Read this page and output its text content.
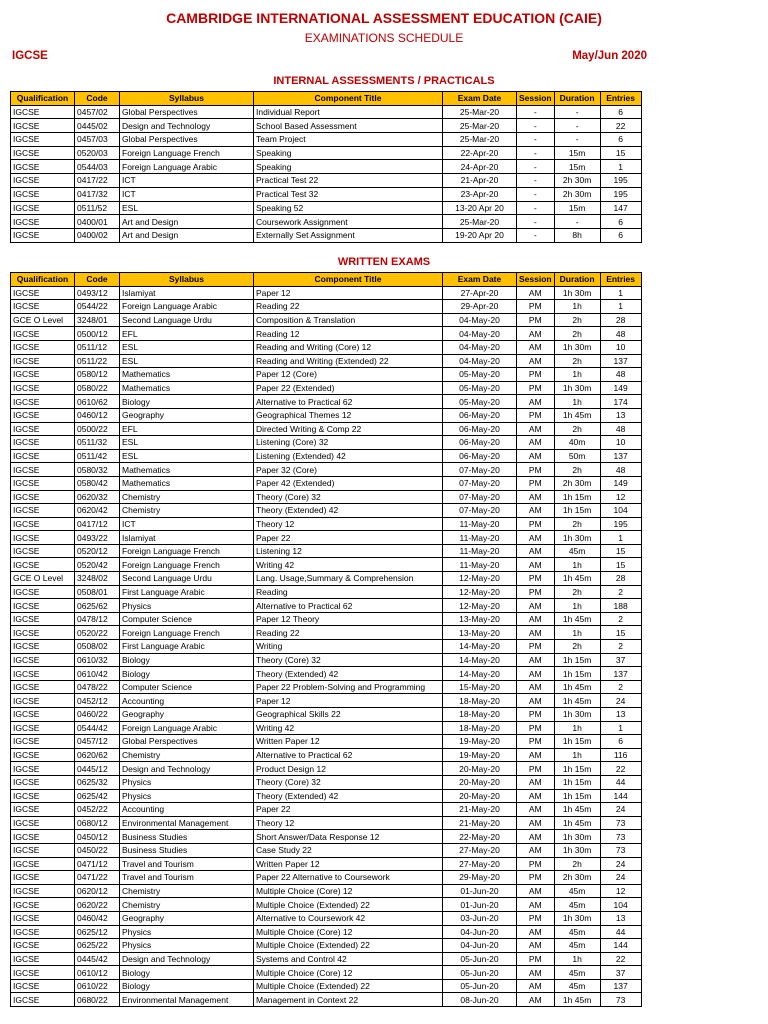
CAMBRIDGE INTERNATIONAL ASSESSMENT EDUCATION (CAIE)
EXAMINATIONS SCHEDULE
IGCSE	May/Jun 2020
INTERNAL ASSESSMENTS / PRACTICALS
Qualification	Code	Syllabus	Component Title	Exam Date	Session	Duration	Entries
IGCSE	0457/02	Global Perspectives	Individual Report	25-Mar-20	-	-	6
IGCSE	0445/02	Design and Technology	School Based Assessment	25-Mar-20	-	-	22
IGCSE	0457/03	Global Perspectives	Team Project	25-Mar-20	-	-	6
IGCSE	0520/03	Foreign Language French	Speaking	22-Apr-20	-	15m	15
IGCSE	0544/03	Foreign Language Arabic	Speaking	24-Apr-20	-	15m	1
IGCSE	0417/22	ICT	Practical Test 22	21-Apr-20	-	2h 30m	195
IGCSE	0417/32	ICT	Practical Test 32	23-Apr-20	-	2h 30m	195
IGCSE	0511/52	ESL	Speaking 52	13-20 Apr 20	-	15m	147
IGCSE	0400/01	Art and Design	Coursework Assignment	25-Mar-20	-	-	6
IGCSE	0400/02	Art and Design	Externally Set Assignment	19-20 Apr 20	-	8h	6
WRITTEN EXAMS
Qualification	Code	Syllabus	Component Title	Exam Date	Session	Duration	Entries
IGCSE	0493/12	Islamiyat	Paper 12	27-Apr-20	AM	1h 30m	1
IGCSE	0544/22	Foreign Language Arabic	Reading 22	29-Apr-20	PM	1h	1
GCE O Level	3248/01	Second Language Urdu	Composition & Translation	04-May-20	PM	2h	28
IGCSE	0500/12	EFL	Reading 12	04-May-20	AM	2h	48
IGCSE	0511/12	ESL	Reading and Writing (Core) 12	04-May-20	AM	1h 30m	10
IGCSE	0511/22	ESL	Reading and Writing (Extended) 22	04-May-20	AM	2h	137
IGCSE	0580/12	Mathematics	Paper 12 (Core)	05-May-20	PM	1h	48
IGCSE	0580/22	Mathematics	Paper 22 (Extended)	05-May-20	PM	1h 30m	149
IGCSE	0610/62	Biology	Alternative to Practical 62	05-May-20	AM	1h	174
IGCSE	0460/12	Geography	Geographical Themes 12	06-May-20	PM	1h 45m	13
IGCSE	0500/22	EFL	Directed Writing & Comp 22	06-May-20	AM	2h	48
IGCSE	0511/32	ESL	Listening (Core) 32	06-May-20	AM	40m	10
IGCSE	0511/42	ESL	Listening (Extended) 42	06-May-20	AM	50m	137
IGCSE	0580/32	Mathematics	Paper 32 (Core)	07-May-20	PM	2h	48
IGCSE	0580/42	Mathematics	Paper 42 (Extended)	07-May-20	PM	2h 30m	149
IGCSE	0620/32	Chemistry	Theory (Core) 32	07-May-20	AM	1h 15m	12
IGCSE	0620/42	Chemistry	Theory (Extended) 42	07-May-20	AM	1h 15m	104
IGCSE	0417/12	ICT	Theory 12	11-May-20	PM	2h	195
IGCSE	0493/22	Islamiyat	Paper 22	11-May-20	AM	1h 30m	1
IGCSE	0520/12	Foreign Language French	Listening 12	11-May-20	AM	45m	15
IGCSE	0520/42	Foreign Language French	Writing 42	11-May-20	AM	1h	15
GCE O Level	3248/02	Second Language Urdu	Lang. Usage,Summary & Comprehension	12-May-20	PM	1h 45m	28
IGCSE	0508/01	First Language Arabic	Reading	12-May-20	PM	2h	2
IGCSE	0625/62	Physics	Alternative to Practical 62	12-May-20	AM	1h	188
IGCSE	0478/12	Computer Science	Paper 12 Theory	13-May-20	AM	1h 45m	2
IGCSE	0520/22	Foreign Language French	Reading 22	13-May-20	AM	1h	15
IGCSE	0508/02	First Language Arabic	Writing	14-May-20	PM	2h	2
IGCSE	0610/32	Biology	Theory (Core) 32	14-May-20	AM	1h 15m	37
IGCSE	0610/42	Biology	Theory (Extended) 42	14-May-20	AM	1h 15m	137
IGCSE	0478/22	Computer Science	Paper 22 Problem-Solving and Programming	15-May-20	AM	1h 45m	2
IGCSE	0452/12	Accounting	Paper 12	18-May-20	AM	1h 45m	24
IGCSE	0460/22	Geography	Geographical Skills 22	18-May-20	PM	1h 30m	13
IGCSE	0544/42	Foreign Language Arabic	Writing 42	18-May-20	PM	1h	1
IGCSE	0457/12	Global Perspectives	Written Paper 12	19-May-20	PM	1h 15m	6
IGCSE	0620/62	Chemistry	Alternative to Practical 62	19-May-20	AM	1h	116
IGCSE	0445/12	Design and Technology	Product Design 12	20-May-20	PM	1h 15m	22
IGCSE	0625/32	Physics	Theory (Core) 32	20-May-20	AM	1h 15m	44
IGCSE	0625/42	Physics	Theory (Extended) 42	20-May-20	AM	1h 15m	144
IGCSE	0452/22	Accounting	Paper 22	21-May-20	AM	1h 45m	24
IGCSE	0680/12	Environmental Management	Theory 12	21-May-20	AM	1h 45m	73
IGCSE	0450/12	Business Studies	Short Answer/Data Response 12	22-May-20	AM	1h 30m	73
IGCSE	0450/22	Business Studies	Case Study 22	27-May-20	AM	1h 30m	73
IGCSE	0471/12	Travel and Tourism	Written Paper 12	27-May-20	PM	2h	24
IGCSE	0471/22	Travel and Tourism	Paper 22 Alternative to Coursework	29-May-20	PM	2h 30m	24
IGCSE	0620/12	Chemistry	Multiple Choice (Core) 12	01-Jun-20	AM	45m	12
IGCSE	0620/22	Chemistry	Multiple Choice (Extended) 22	01-Jun-20	AM	45m	104
IGCSE	0460/42	Geography	Alternative to Coursework 42	03-Jun-20	PM	1h 30m	13
IGCSE	0625/12	Physics	Multiple Choice (Core) 12	04-Jun-20	AM	45m	44
IGCSE	0625/22	Physics	Multiple Choice (Extended) 22	04-Jun-20	AM	45m	144
IGCSE	0445/42	Design and Technology	Systems and Control 42	05-Jun-20	PM	1h	22
IGCSE	0610/12	Biology	Multiple Choice (Core) 12	05-Jun-20	AM	45m	37
IGCSE	0610/22	Biology	Multiple Choice (Extended) 22	05-Jun-20	AM	45m	137
IGCSE	0680/22	Environmental Management	Management in Context 22	08-Jun-20	AM	1h 45m	73
